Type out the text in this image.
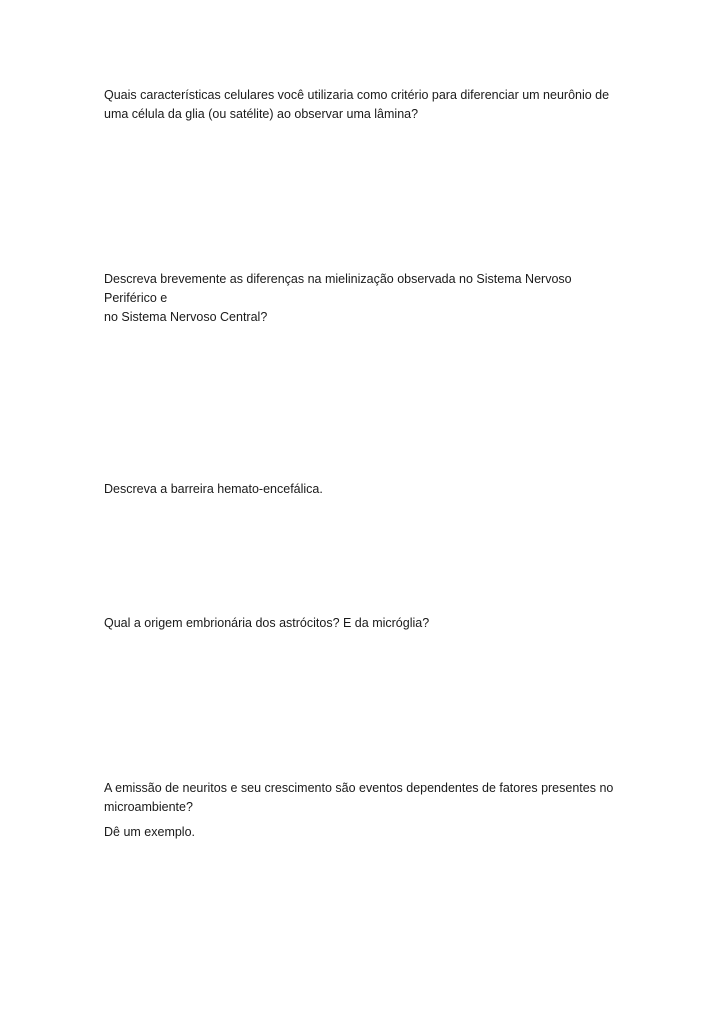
Quais características celulares você utilizaria como critério para diferenciar um neurônio de
uma célula da glia (ou satélite) ao observar uma lâmina?

Descreva brevemente as diferenças na mielinização observada no Sistema Nervoso Periférico e
no Sistema Nervoso Central?

Descreva a barreira hemato-encefálica.

Qual a origem embrionária dos astrócitos? E da micróglia?

A emissão de neuritos e seu crescimento são eventos dependentes de fatores presentes no
microambiente?

Dê um exemplo.
